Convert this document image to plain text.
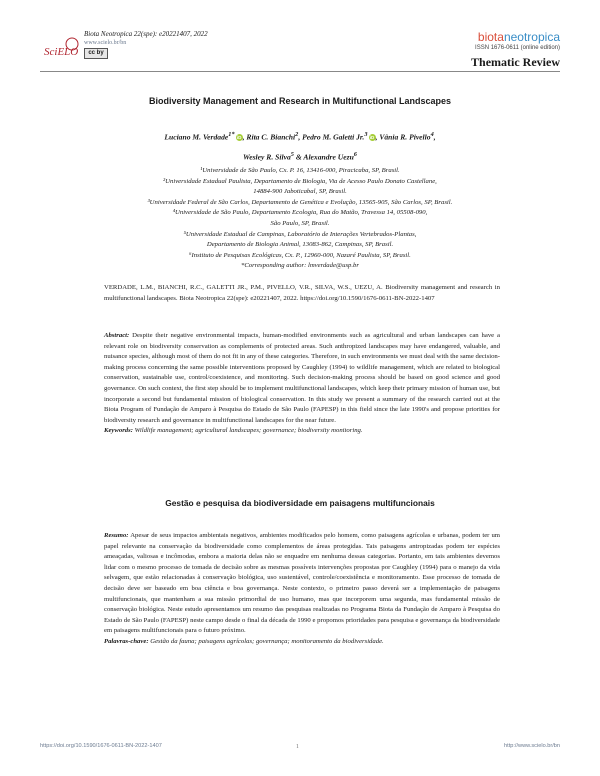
SciELO
Biota Neotropica 22(spe): e20221407, 2022
www.scielo.br/bn
cc by
biotaneotropica
ISSN 1676-0611 (online edition)
Thematic Review
Biodiversity Management and Research in Multifunctional Landscapes
Luciano M. Verdade$^{1*}$ iD, Rita C. Bianchi$^2$, Pedro M. Galetti Jr.$^3$ iD, Vânia R. Pivello$^4$,
Wesley R. Silva$^5$ & Alexandre Uezu$^6$
¹Universidade de São Paulo, Cx. P. 16, 13416-000, Piracicaba, SP, Brasil.
²Universidade Estadual Paulista, Departamento de Biologia, Via de Acesso Paulo Donato Castellane,
14884-900 Jaboticabal, SP, Brasil.
³Universidade Federal de São Carlos, Departamento de Genética e Evolução, 13565-905, São Carlos, SP, Brasil.
⁴Universidade de São Paulo, Departamento Ecologia, Rua do Matão, Travessa 14, 05508-090,
São Paulo, SP, Brasil.
⁵Universidade Estadual de Campinas, Laboratório de Interações Vertebrados-Plantas,
Departamento de Biologia Animal, 13083-862, Campinas, SP, Brasil.
⁶Instituto de Pesquisas Ecológicas, Cx. P., 12960-000, Nazaré Paulista, SP, Brasil.
*Corresponding author: lmverdade@usp.br
VERDADE, L.M., BIANCHI, R.C., GALETTI JR., P.M., PIVELLO, V.R., SILVA, W.S., UEZU, A. Biodiversity management and research in multifunctional landscapes. Biota Neotropica 22(spe): e20221407, 2022. https://doi.org/10.1590/1676-0611-BN-2022-1407
Abstract: Despite their negative environmental impacts, human-modified environments such as agricultural and urban landscapes can have a relevant role on biodiversity conservation as complements of protected areas. Such anthropized landscapes may have endangered, valuable, and nuisance species, although most of them do not fit in any of these categories. Therefore, in such environments we must deal with the same decision-making process concerning the same possible interventions proposed by Caughley (1994) to wildlife management, which are related to biological conservation, sustainable use, control/coexistence, and monitoring. Such decision-making process should be based on good science and good governance. On such context, the first step should be to implement multifunctional landscapes, which keep their primary mission of human use, but incorporate a second but fundamental mission of biological conservation. In this study we present a summary of the research carried out at the Biota Program of Fundação de Amparo à Pesquisa do Estado de São Paulo (FAPESP) in this field since the late 1990's and propose priorities for biodiversity research and governance in multifunctional landscapes for the near future.
Keywords: Wildlife management; agricultural landscapes; governance; biodiversity monitoring.
Gestão e pesquisa da biodiversidade em paisagens multifuncionais
Resumo: Apesar de seus impactos ambientais negativos, ambientes modificados pelo homem, como paisagens agrícolas e urbanas, podem ter um papel relevante na conservação da biodiversidade como complementos de áreas protegidas. Tais paisagens antropizadas podem ter espécies ameaçadas, valiosas e incômodas, embora a maioria delas não se enquadre em nenhuma dessas categorias. Portanto, em tais ambientes devemos lidar com o mesmo processo de tomada de decisão sobre as mesmas possíveis intervenções propostas por Caughley (1994) para o manejo da vida selvagem, que estão relacionadas à conservação biológica, uso sustentável, controle/coexistência e monitoramento. Esse processo de tomada de decisão deve ser baseado em boa ciência e boa governança. Neste contexto, o primeiro passo deverá ser a implementação de paisagens multifuncionais, que mantenham a sua missão primordial de uso humano, mas que incorporem uma segunda, mas fundamental missão de conservação biológica. Neste estudo apresentamos um resumo das pesquisas realizadas no Programa Biota da Fundação de Amparo à Pesquisa do Estado de São Paulo (FAPESP) neste campo desde o final da década de 1990 e propomos prioridades para pesquisa e governança da biodiversidade em paisagens multifuncionais para o futuro próximo.
Palavras-chave: Gestão da fauna; paisagens agrícolas; governança; monitoramento da biodiversidade.
https://doi.org/10.1590/1676-0611-BN-2022-1407	1	http://www.scielo.br/bn
